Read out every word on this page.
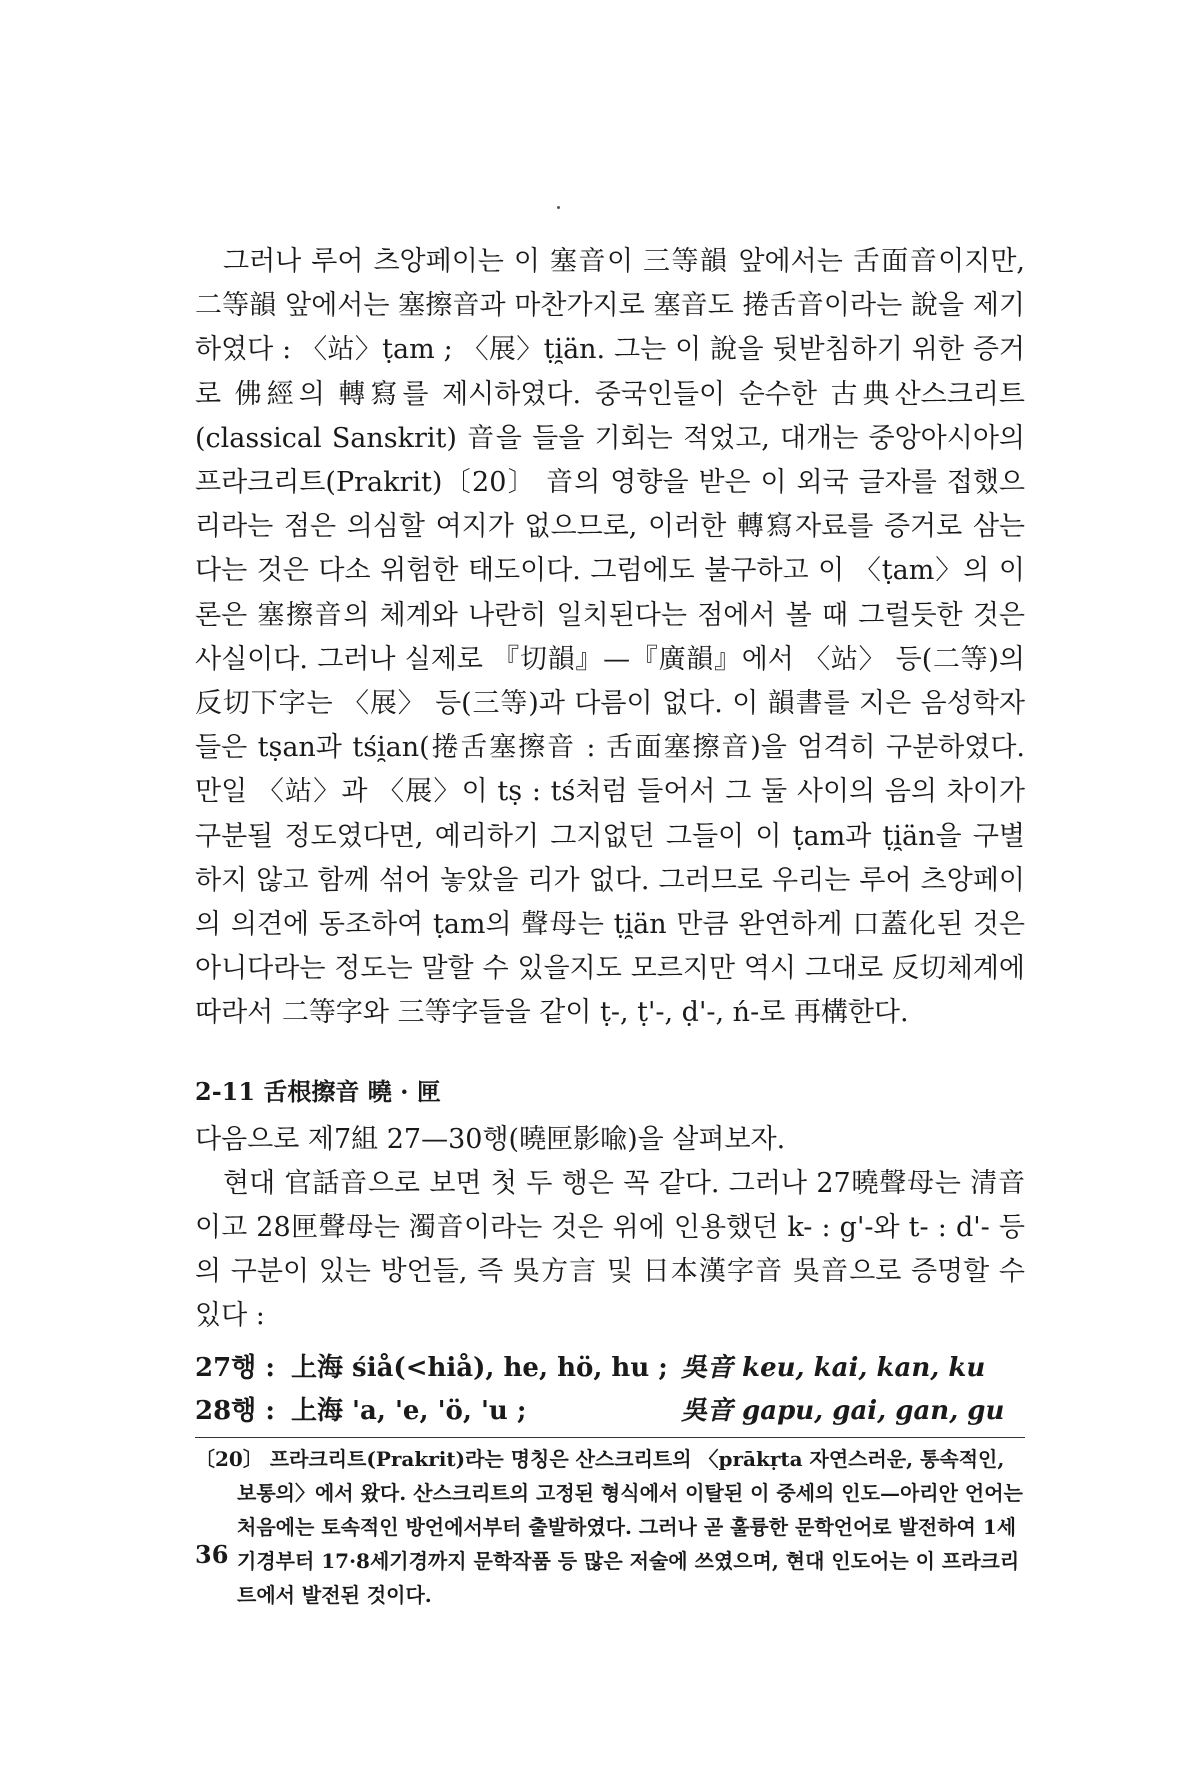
그러나 루어 츠앙페이는 이 塞音이 三等韻 앞에서는 舌面音이지만, 二等韻 앞에서는 塞擦音과 마찬가지로 塞音도 捲舌音이라는 說을 제기하였다 : 〈站〉ṭam ; 〈展〉ṭi̯än. 그는 이 說을 뒷받침하기 위한 증거로 佛經의 轉寫를 제시하였다. 중국인들이 순수한 古典산스크리트(classical Sanskrit) 音을 들을 기회는 적었고, 대개는 중앙아시아의 프라크리트(Prakrit)〔20〕 音의 영향을 받은 이 외국 글자를 접했으리라는 점은 의심할 여지가 없으므로, 이러한 轉寫자료를 증거로 삼는다는 것은 다소 위험한 태도이다. 그럼에도 불구하고 이 〈ṭam〉의 이론은 塞擦音의 체계와 나란히 일치된다는 점에서 볼 때 그럴듯한 것은 사실이다. 그러나 실제로 『切韻』—『廣韻』에서 〈站〉 등(二等)의 反切下字는 〈展〉 등(三等)과 다름이 없다. 이 韻書를 지은 음성학자들은 tṣan과 tśi̯an(捲舌塞擦音 : 舌面塞擦音)을 엄격히 구분하였다. 만일 〈站〉과 〈展〉이 tṣ : tś처럼 들어서 그 둘 사이의 음의 차이가 구분될 정도였다면, 예리하기 그지없던 그들이 이 ṭam과 ṭi̯än을 구별하지 않고 함께 섞어 놓았을 리가 없다. 그러므로 우리는 루어 츠앙페이의 의견에 동조하여 ṭam의 聲母는 ṭi̯än 만큼 완연하게 口蓋化된 것은 아니다라는 정도는 말할 수 있을지도 모르지만 역시 그대로 反切체계에 따라서 二等字와 三等字들을 같이 ṭ-, ṭ'-, ḍ'-, ń-로 再構한다.

2-11 舌根擦音 曉 · 匣

다음으로 제7組 27—30행(曉匣影喩)을 살펴보자.

현대 官話音으로 보면 첫 두 행은 꼭 같다. 그러나 27曉聲母는 清音이고 28匣聲母는 濁音이라는 것은 위에 인용했던 k- : g'-와 t- : d'- 등의 구분이 있는 방언들, 즉 吳方言 및 日本漢字音 吳音으로 증명할 수 있다 :

27행 : 上海 śiå(<hiå), he, hö, hu ; 吳音 keu, kai, kan, ku
28행 : 上海 'a, 'e, 'ö, 'u ;	吳音 gapu, gai, gan, gu
〔20〕 프라크리트(Prakrit)라는 명칭은 산스크리트의 〈prākṛta 자연스러운, 통속적인, 보통의〉에서 왔다. 산스크리트의 고정된 형식에서 이탈된 이 중세의 인도—아리안 언어는 처음에는 토속적인 방언에서부터 출발하였다. 그러나 곧 훌륭한 문학언어로 발전하여 1세기경부터 17·8세기경까지 문학작품 등 많은 저술에 쓰였으며, 현대 인도어는 이 프라크리트에서 발전된 것이다.
36
